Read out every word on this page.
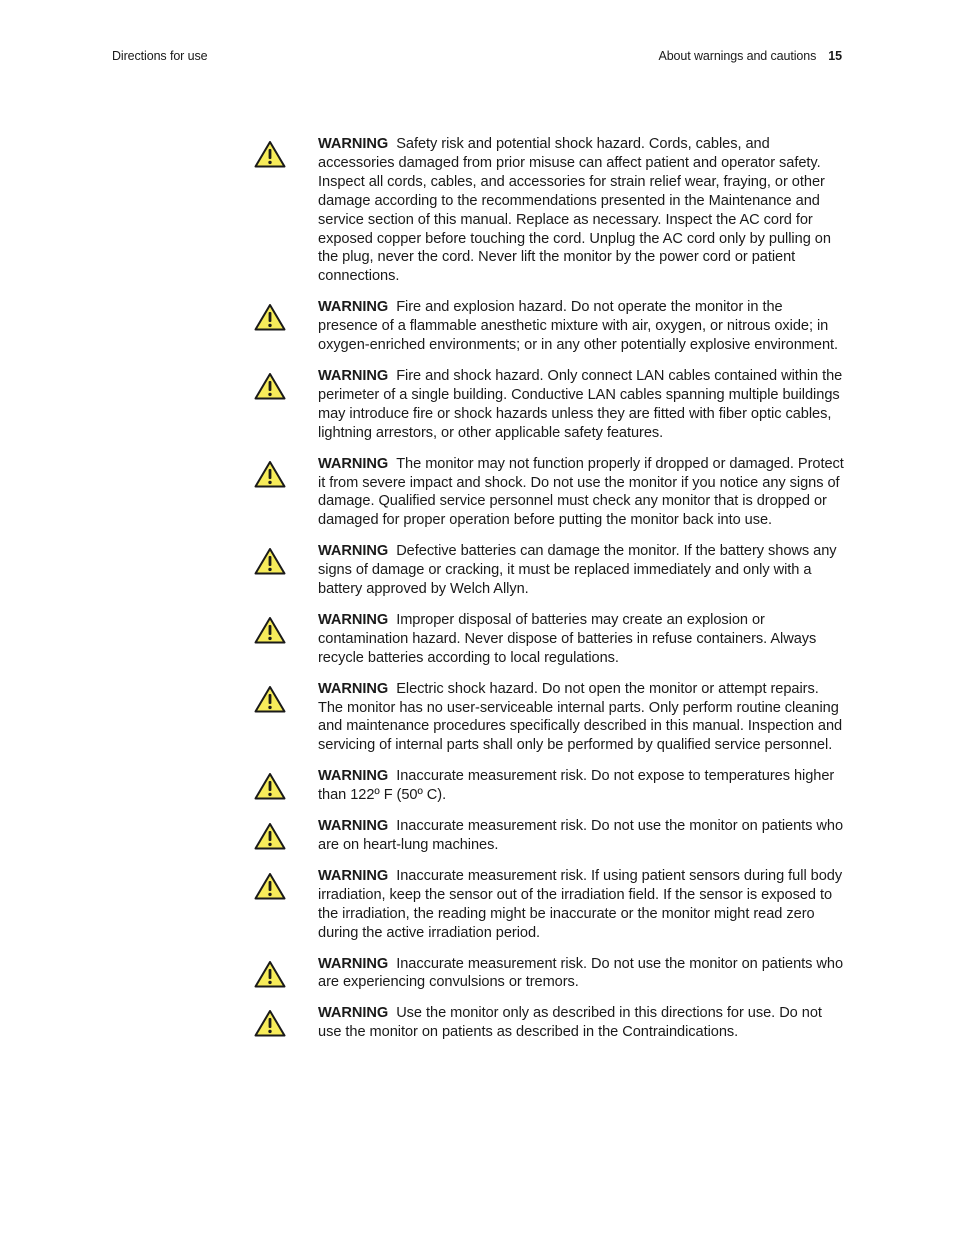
Directions for use	About warnings and cautions 15
WARNING Safety risk and potential shock hazard. Cords, cables, and accessories damaged from prior misuse can affect patient and operator safety. Inspect all cords, cables, and accessories for strain relief wear, fraying, or other damage according to the recommendations presented in the Maintenance and service section of this manual. Replace as necessary. Inspect the AC cord for exposed copper before touching the cord. Unplug the AC cord only by pulling on the plug, never the cord. Never lift the monitor by the power cord or patient connections.
WARNING Fire and explosion hazard. Do not operate the monitor in the presence of a flammable anesthetic mixture with air, oxygen, or nitrous oxide; in oxygen-enriched environments; or in any other potentially explosive environment.
WARNING Fire and shock hazard. Only connect LAN cables contained within the perimeter of a single building. Conductive LAN cables spanning multiple buildings may introduce fire or shock hazards unless they are fitted with fiber optic cables, lightning arrestors, or other applicable safety features.
WARNING The monitor may not function properly if dropped or damaged. Protect it from severe impact and shock. Do not use the monitor if you notice any signs of damage. Qualified service personnel must check any monitor that is dropped or damaged for proper operation before putting the monitor back into use.
WARNING Defective batteries can damage the monitor. If the battery shows any signs of damage or cracking, it must be replaced immediately and only with a battery approved by Welch Allyn.
WARNING Improper disposal of batteries may create an explosion or contamination hazard. Never dispose of batteries in refuse containers. Always recycle batteries according to local regulations.
WARNING Electric shock hazard. Do not open the monitor or attempt repairs. The monitor has no user-serviceable internal parts. Only perform routine cleaning and maintenance procedures specifically described in this manual. Inspection and servicing of internal parts shall only be performed by qualified service personnel.
WARNING Inaccurate measurement risk. Do not expose to temperatures higher than 122º F (50º C).
WARNING Inaccurate measurement risk. Do not use the monitor on patients who are on heart-lung machines.
WARNING Inaccurate measurement risk. If using patient sensors during full body irradiation, keep the sensor out of the irradiation field. If the sensor is exposed to the irradiation, the reading might be inaccurate or the monitor might read zero during the active irradiation period.
WARNING Inaccurate measurement risk. Do not use the monitor on patients who are experiencing convulsions or tremors.
WARNING Use the monitor only as described in this directions for use. Do not use the monitor on patients as described in the Contraindications.
